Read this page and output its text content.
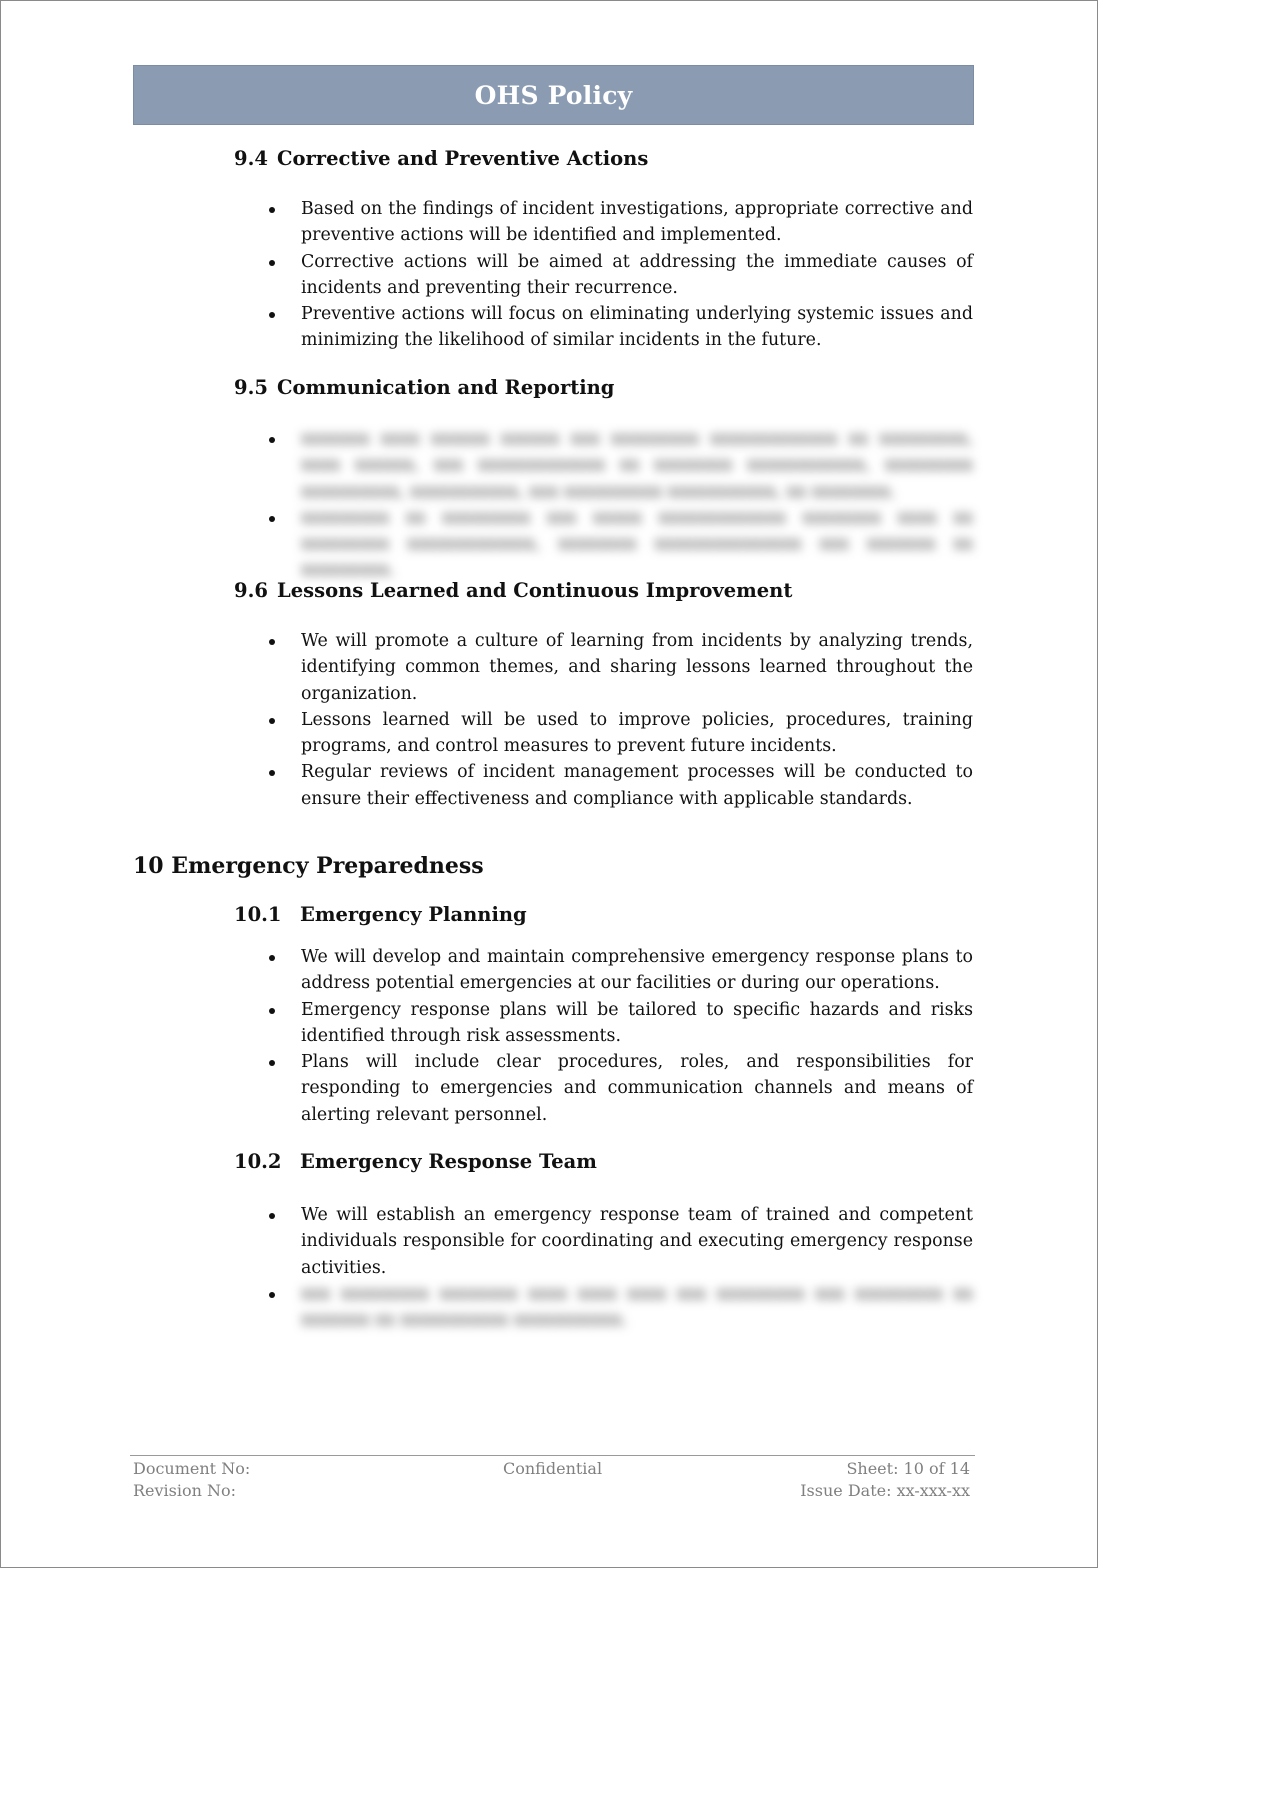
OHS Policy
9.4 Corrective and Preventive Actions
Based on the findings of incident investigations, appropriate corrective and preventive actions will be identified and implemented.
Corrective actions will be aimed at addressing the immediate causes of incidents and preventing their recurrence.
Preventive actions will focus on eliminating underlying systemic issues and minimizing the likelihood of similar incidents in the future.
9.5 Communication and Reporting
xxxxxxx xxxx xxxxxx xxxxxx xxx xxxxxxxxx xxxxxxxxxxxxx xx xxxxxxxxx, xxxx xxxxxx, xxx xxxxxxxxxxxxx xx xxxxxxxx xxxxxxxxxxxx, xxxxxxxxx xxxxxxxxxx, xxxxxxxxxxx, xxx xxxxxxxxxx xxxxxxxxxxx, xx xxxxxxxx.
xxxxxxxxx xx xxxxxxxxx xxx xxxxx xxxxxxxxxxxxx xxxxxxxx xxxx xx xxxxxxxxx xxxxxxxxxxxxx, xxxxxxxx xxxxxxxxxxxxxxx xxx xxxxxxx xx xxxxxxxxx.
9.6 Lessons Learned and Continuous Improvement
We will promote a culture of learning from incidents by analyzing trends, identifying common themes, and sharing lessons learned throughout the organization.
Lessons learned will be used to improve policies, procedures, training programs, and control measures to prevent future incidents.
Regular reviews of incident management processes will be conducted to ensure their effectiveness and compliance with applicable standards.
10 Emergency Preparedness
10.1 Emergency Planning
We will develop and maintain comprehensive emergency response plans to address potential emergencies at our facilities or during our operations.
Emergency response plans will be tailored to specific hazards and risks identified through risk assessments.
Plans will include clear procedures, roles, and responsibilities for responding to emergencies and communication channels and means of alerting relevant personnel.
10.2 Emergency Response Team
We will establish an emergency response team of trained and competent individuals responsible for coordinating and executing emergency response activities.
xxx xxxxxxxxx xxxxxxxx xxxx xxxx xxxx xxx xxxxxxxxx xxx xxxxxxxxx xx xxxxxxx xx xxxxxxxxxxx xxxxxxxxxxx.
Document No:
Revision No:
Confidential	Sheet: 10 of 14
Issue Date: xx-xxx-xx
